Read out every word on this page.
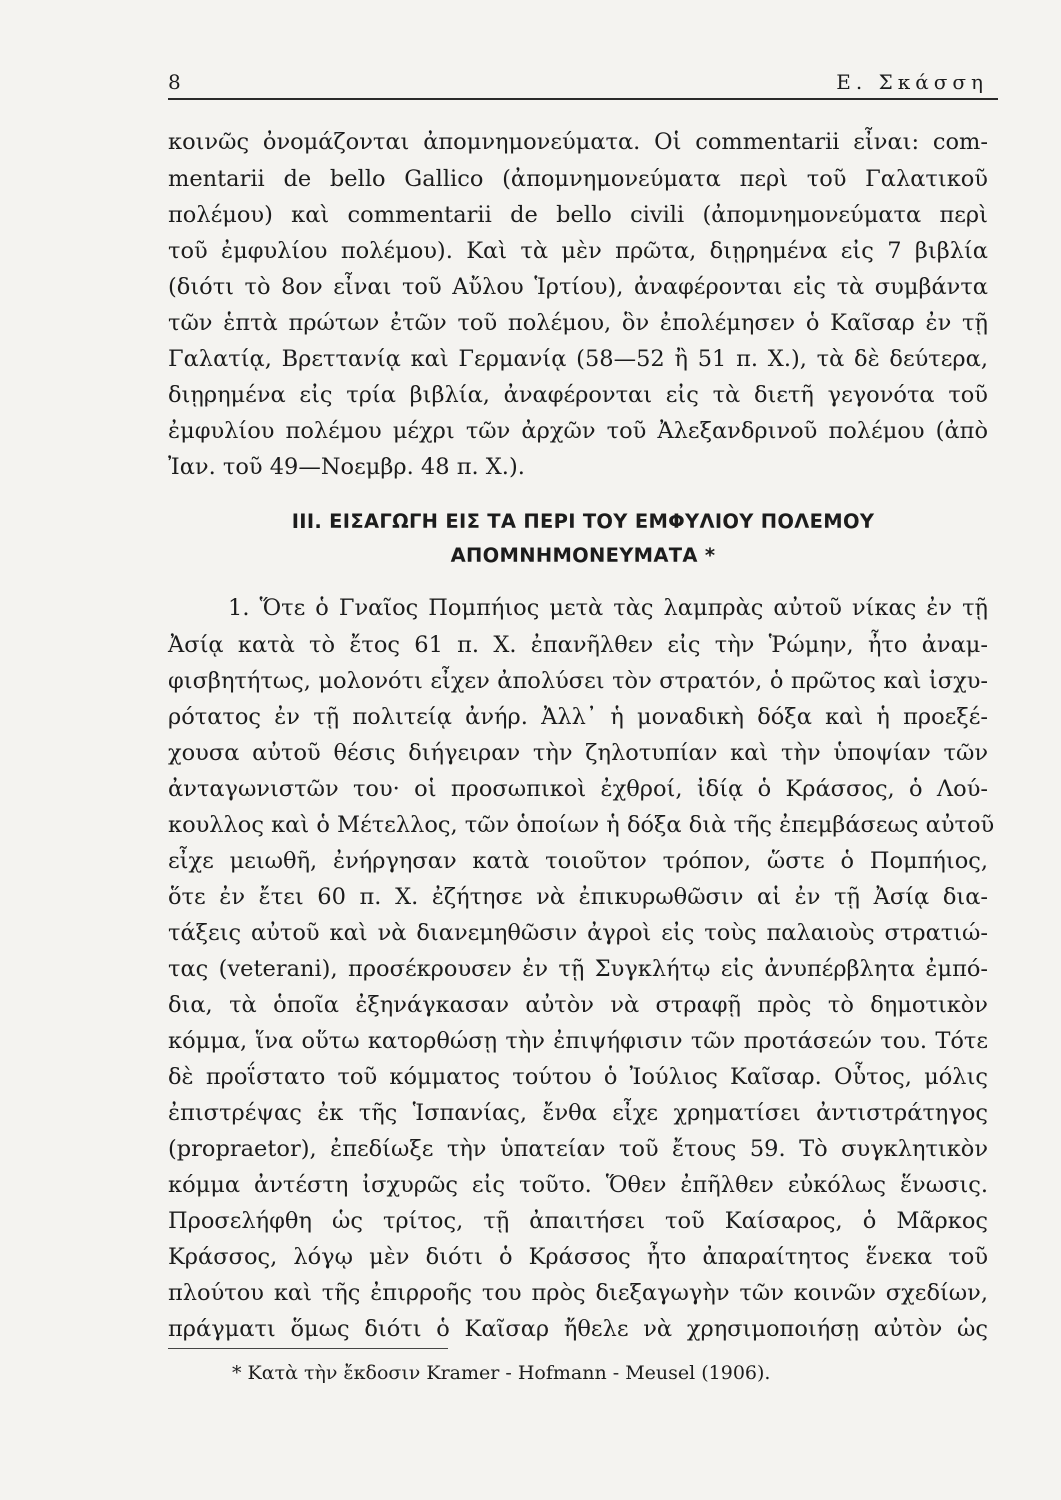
8	Ε. Σκάσση
κοινῶς ὀνομάζονται ἀπομνημονεύματα. Οἱ commentarii εἶναι: com-
mentarii de bello Gallico (ἀπομνημονεύματα περὶ τοῦ Γαλατικοῦ
πολέμου) καὶ commentarii de bello civili (ἀπομνημονεύματα περὶ
τοῦ ἐμφυλίου πολέμου). Καὶ τὰ μὲν πρῶτα, διῃρημένα εἰς 7 βιβλία
(διότι τὸ 8ον εἶναι τοῦ Αὔλου Ἱρτίου), ἀναφέρονται εἰς τὰ συμβάντα
τῶν ἑπτὰ πρώτων ἐτῶν τοῦ πολέμου, ὃν ἐπολέμησεν ὁ Καῖσαρ ἐν τῇ
Γαλατίᾳ, Βρεττανίᾳ καὶ Γερμανίᾳ (58—52 ἢ 51 π. Χ.), τὰ δὲ δεύτερα,
διῃρημένα εἰς τρία βιβλία, ἀναφέρονται εἰς τὰ διετῆ γεγονότα τοῦ
ἐμφυλίου πολέμου μέχρι τῶν ἀρχῶν τοῦ Ἀλεξανδρινοῦ πολέμου (ἀπὸ
Ἰαν. τοῦ 49—Νοεμβρ. 48 π. Χ.).
III. ΕΙΣΑΓΩΓΗ ΕΙΣ ΤΑ ΠΕΡΙ ΤΟΥ ΕΜΦΥΛΙΟΥ ΠΟΛΕΜΟΥ
ΑΠΟΜΝΗΜΟΝΕΥΜΑΤΑ *
1. Ὅτε ὁ Γναῖος Πομπήιος μετὰ τὰς λαμπρὰς αὐτοῦ νίκας ἐν τῇ
Ἀσίᾳ κατὰ τὸ ἔτος 61 π. Χ. ἐπανῆλθεν εἰς τὴν Ῥώμην, ἦτο ἀναμ-
φισβητήτως, μολονότι εἶχεν ἀπολύσει τὸν στρατόν, ὁ πρῶτος καὶ ἰσχυ-
ρότατος ἐν τῇ πολιτείᾳ ἀνήρ. Ἀλλ᾽ ἡ μοναδικὴ δόξα καὶ ἡ προεξέ-
χουσα αὐτοῦ θέσις διήγειραν τὴν ζηλοτυπίαν καὶ τὴν ὑποψίαν τῶν
ἀνταγωνιστῶν του· οἱ προσωπικοὶ ἐχθροί, ἰδίᾳ ὁ Κράσσος, ὁ Λού-
κουλλος καὶ ὁ Μέτελλος, τῶν ὁποίων ἡ δόξα διὰ τῆς ἐπεμβάσεως αὐτοῦ
εἶχε μειωθῆ, ἐνήργησαν κατὰ τοιοῦτον τρόπον, ὥστε ὁ Πομπήιος,
ὅτε ἐν ἔτει 60 π. Χ. ἐζήτησε νὰ ἐπικυρωθῶσιν αἱ ἐν τῇ Ἀσίᾳ δια-
τάξεις αὐτοῦ καὶ νὰ διανεμηθῶσιν ἀγροὶ εἰς τοὺς παλαιοὺς στρατιώ-
τας (veterani), προσέκρουσεν ἐν τῇ Συγκλήτῳ εἰς ἀνυπέρβλητα ἐμπό-
δια, τὰ ὁποῖα ἐξηνάγκασαν αὐτὸν νὰ στραφῇ πρὸς τὸ δημοτικὸν
κόμμα, ἵνα οὕτω κατορθώσῃ τὴν ἐπιψήφισιν τῶν προτάσεών του. Τότε
δὲ προΐστατο τοῦ κόμματος τούτου ὁ Ἰούλιος Καῖσαρ. Οὗτος, μόλις
ἐπιστρέψας ἐκ τῆς Ἱσπανίας, ἔνθα εἶχε χρηματίσει ἀντιστράτηγος
(propraetor), ἐπεδίωξε τὴν ὑπατείαν τοῦ ἔτους 59. Τὸ συγκλητικὸν
κόμμα ἀντέστη ἰσχυρῶς εἰς τοῦτο. Ὅθεν ἐπῆλθεν εὐκόλως ἕνωσις.
Προσελήφθη ὡς τρίτος, τῇ ἀπαιτήσει τοῦ Καίσαρος, ὁ Μᾶρκος
Κράσσος, λόγῳ μὲν διότι ὁ Κράσσος ἦτο ἀπαραίτητος ἕνεκα τοῦ
πλούτου καὶ τῆς ἐπιρροῆς του πρὸς διεξαγωγὴν τῶν κοινῶν σχεδίων,
πράγματι ὅμως διότι ὁ Καῖσαρ ἤθελε νὰ χρησιμοποιήσῃ αὐτὸν ὡς
* Κατὰ τὴν ἔκδοσιν Kramer - Hofmann - Meusel (1906).
